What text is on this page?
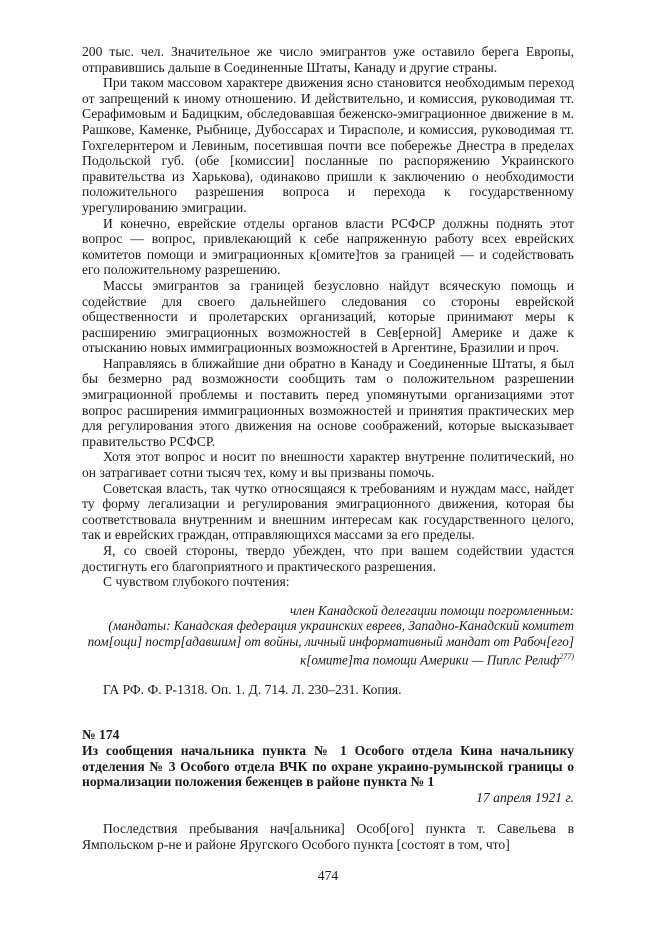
200 тыс. чел. Значительное же число эмигрантов уже оставило берега Европы, отправившись дальше в Соединенные Штаты, Канаду и другие страны.

При таком массовом характере движения ясно становится необходимым переход от запрещений к иному отношению. И действительно, и комиссия, руководимая тт. Серафимовым и Бадицким, обследовавшая беженско-эмиграционное движение в м. Рашкове, Каменке, Рыбнице, Дубоссарах и Тирасполе, и комиссия, руководимая тт. Гохгелернтером и Левиным, посетившая почти все побережье Днестра в пределах Подольской губ. (обе [комиссии] посланные по распоряжению Украинского правительства из Харькова), одинаково пришли к заключению о необходимости положительного разрешения вопроса и перехода к государственному урегулированию эмиграции.

И конечно, еврейские отделы органов власти РСФСР должны поднять этот вопрос — вопрос, привлекающий к себе напряженную работу всех еврейских комитетов помощи и эмиграционных к[омите]тов за границей — и содействовать его положительному разрешению.

Массы эмигрантов за границей безусловно найдут всяческую помощь и содействие для своего дальнейшего следования со стороны еврейской общественности и пролетарских организаций, которые принимают меры к расширению эмиграционных возможностей в Сев[ерной] Америке и даже к отысканию новых иммиграционных возможностей в Аргентине, Бразилии и проч.

Направляясь в ближайшие дни обратно в Канаду и Соединенные Штаты, я был бы безмерно рад возможности сообщить там о положительном разрешении эмиграционной проблемы и поставить перед упомянутыми организациями этот вопрос расширения иммиграционных возможностей и принятия практических мер для регулирования этого движения на основе соображений, которые высказывает правительство РСФСР.

Хотя этот вопрос и носит по внешности характер внутренне политический, но он затрагивает сотни тысяч тех, кому и вы призваны помочь.

Советская власть, так чутко относящаяся к требованиям и нуждам масс, найдет ту форму легализации и регулирования эмиграционного движения, которая бы соответствовала внутренним и внешним интересам как государственного целого, так и еврейских граждан, отправляющихся массами за его пределы.

Я, со своей стороны, твердо убежден, что при вашем содействии удастся достигнуть его благоприятного и практического разрешения.

С чувством глубокого почтения:

член Канадской делегации помощи погромленным:
(мандаты: Канадская федерация украинских евреев, Западно-Канадский комитет пом[ощи] постр[адавшим] от войны, личный информативный мандат от Рабоч[его] к[омите]та помощи Америки — Пиплс Релиф$^{277)}$

ГА РФ. Ф. Р-1318. Оп. 1. Д. 714. Л. 230–231. Копия.

№ 174

Из сообщения начальника пункта № 1 Особого отдела Кина начальнику отделения № 3 Особого отдела ВЧК по охране украино-румынской границы о нормализации положения беженцев в районе пункта № 1

17 апреля 1921 г.

Последствия пребывания нач[альника] Особ[ого] пункта т. Савельева в Ямпольском р-не и районе Яругского Особого пункта [состоят в том, что]

474
